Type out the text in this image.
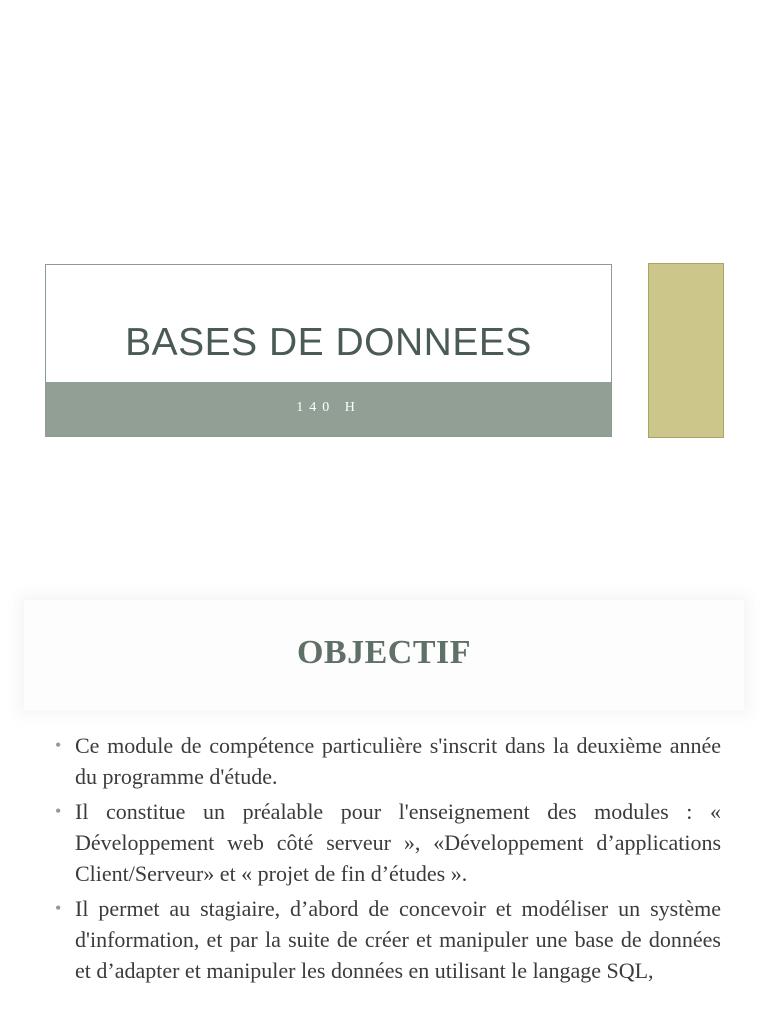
BASES DE DONNEES
140 H
OBJECTIF
• Ce module de compétence particulière s'inscrit dans la deuxième année du programme d'étude.
• Il constitue un préalable pour l'enseignement des modules : « Développement web côté serveur », «Développement d’applications Client/Serveur» et « projet de fin d’études ».
• Il permet au stagiaire, d’abord de concevoir et modéliser un système d'information, et par la suite de créer et manipuler une base de données et d’adapter et manipuler les données en utilisant le langage SQL,
